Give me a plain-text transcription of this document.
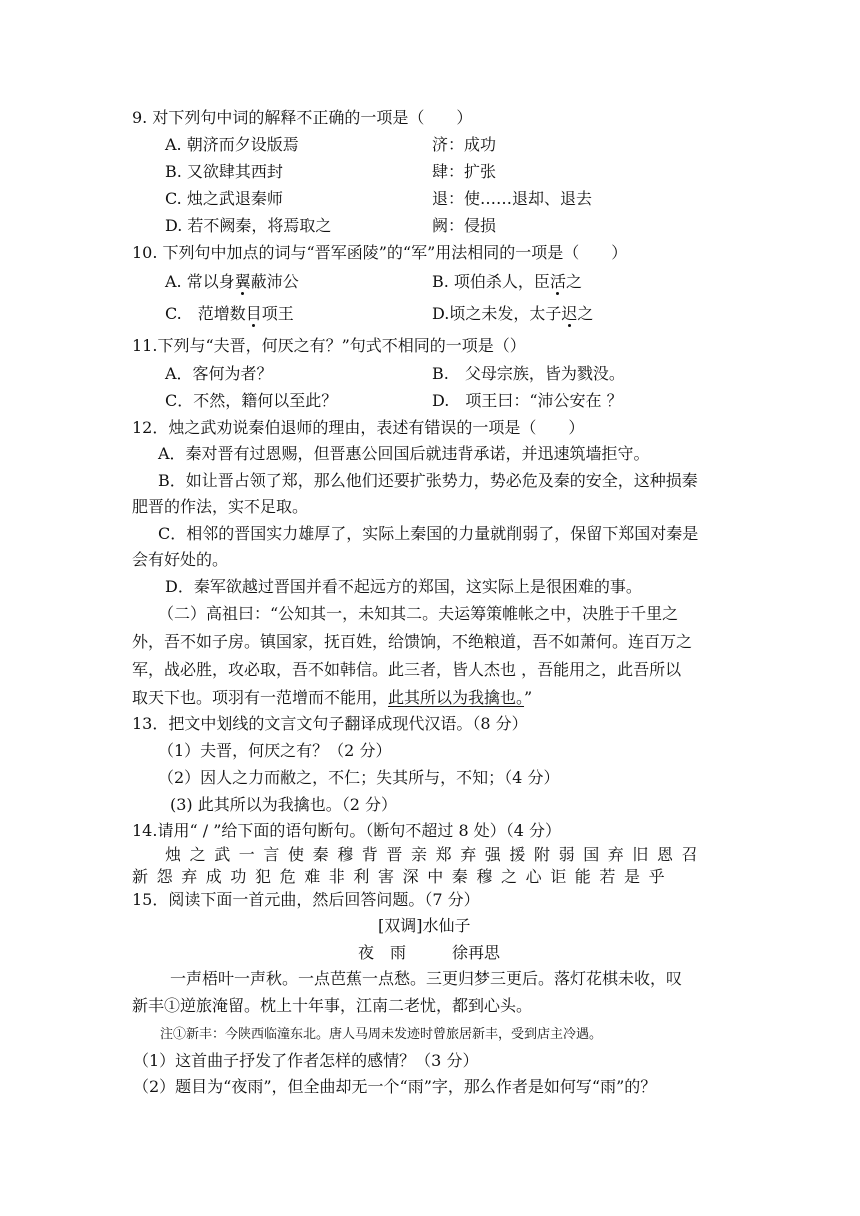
9. 对下列句中词的解释不正确的一项是（　　）
A. 朝济而夕设版焉	济：成功
B. 又欲肆其西封	肆：扩张
C. 烛之武退秦师	退：使……退却、退去
D. 若不阙秦，将焉取之	阙：侵损
10. 下列句中加点的词与“晋军函陵”的“军”用法相同的一项是（　　）
A. 常以身翼蔽沛公	B. 项伯杀人，臣活之
C.　范增数目项王	D.顷之未发，太子迟之
11.下列与“夫晋，何厌之有？”句式不相同的一项是（）
A．客何为者？	B.　父母宗族，皆为戮没。
C．不然，籍何以至此？	D.　项王曰：“沛公安在 ？
12．烛之武劝说秦伯退师的理由，表述有错误的一项是（　　）
A．秦对晋有过恩赐，但晋惠公回国后就违背承诺，并迅速筑墙拒守。
B．如让晋占领了郑，那么他们还要扩张势力，势必危及秦的安全，这种损秦
肥晋的作法，实不足取。
C．相邻的晋国实力雄厚了，实际上秦国的力量就削弱了，保留下郑国对秦是
会有好处的。
D．秦军欲越过晋国并看不起远方的郑国，这实际上是很困难的事。
（二）高祖曰：“公知其一，未知其二。夫运筹策帷帐之中，决胜于千里之
外，吾不如子房。镇国家，抚百姓，给馈饷，不绝粮道，吾不如萧何。连百万之
军，战必胜，攻必取，吾不如韩信。此三者，皆人杰也 ，吾能用之，此吾所以
取天下也。项羽有一范增而不能用，此其所以为我擒也。”
13．把文中划线的文言文句子翻译成现代汉语。（8 分）
（1）夫晋，何厌之有？（2 分）
（2）因人之力而敝之，不仁；失其所与，不知；（4 分）
(3) 此其所以为我擒也。（2 分）
14.请用“ / ”给下面的语句断句。（断句不超过 8 处）（4 分）
烛之武一言使秦穆背晋亲郑弃强援附弱国弃旧恩召
新怨弃成功犯危难非利害深中秦穆之心讵能若是乎
15．阅读下面一首元曲，然后回答问题。（7 分）
[双调]水仙子
夜　雨	徐再思
一声梧叶一声秋。一点芭蕉一点愁。三更归梦三更后。落灯花棋未收，叹
新丰①逆旅淹留。枕上十年事，江南二老忧，都到心头。
注①新丰：今陕西临潼东北。唐人马周未发迹时曾旅居新丰，受到店主冷遇。
（1）这首曲子抒发了作者怎样的感情？（3 分）
（2）题目为“夜雨”，但全曲却无一个“雨”字，那么作者是如何写“雨”的？
